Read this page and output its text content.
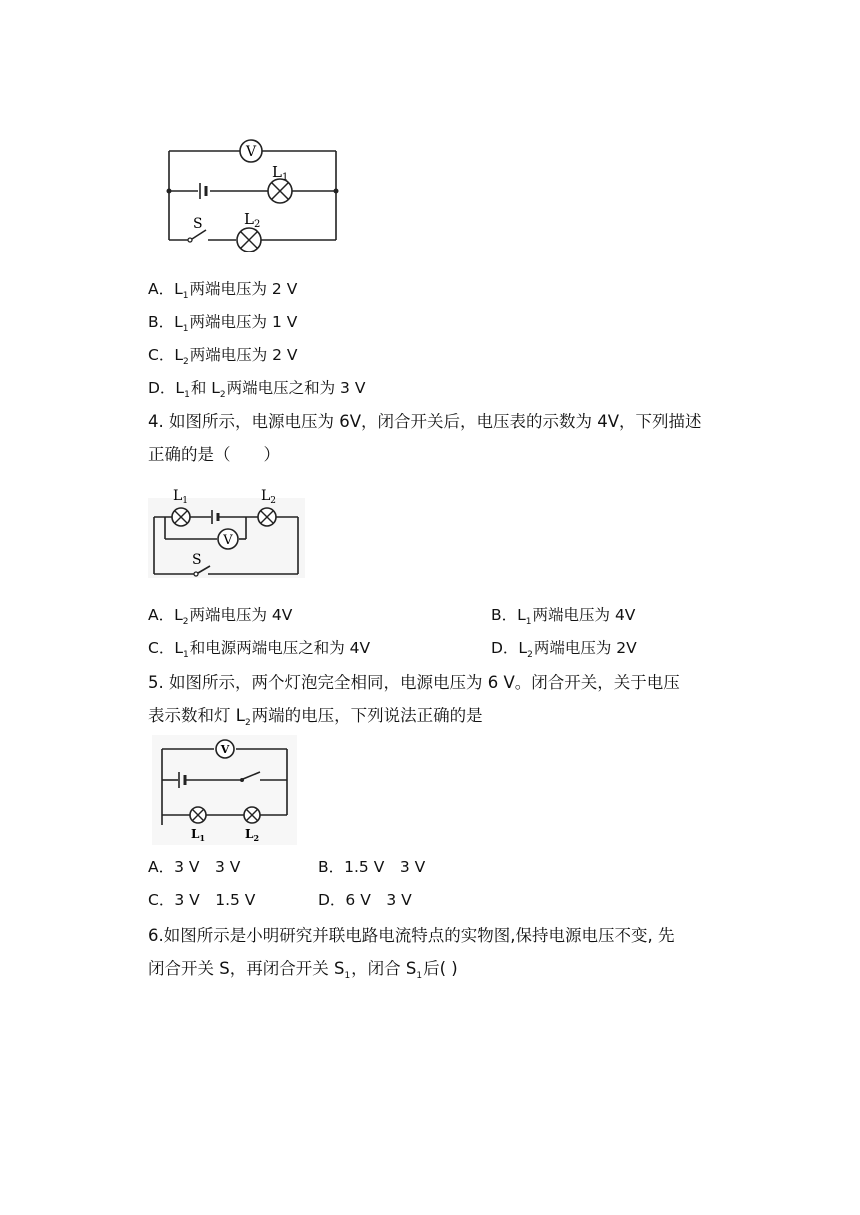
V
$L_1$
S	$L_2$
A．$L_1$两端电压为 2 V
B．$L_1$两端电压为 1 V
C．$L_2$两端电压为 2 V
D．$L_1$和 $L_2$两端电压之和为 3 V
4. 如图所示，电源电压为 6V，闭合开关后，电压表的示数为 4V，下列描述
正确的是（　　）
$L_1$	$L_2$
V
S
A．$L_2$两端电压为 4V	B．$L_1$两端电压为 4V
C．$L_1$和电源两端电压之和为 4V	D．$L_2$两端电压为 2V
5. 如图所示，两个灯泡完全相同，电源电压为 6 V。闭合开关，关于电压
表示数和灯 $L_2$两端的电压，下列说法正确的是
V
$L_1$	$L_2$
A．3 V　3 V	B．1.5 V　3 V
C．3 V　1.5 V	D．6 V　3 V
6.如图所示是小明研究并联电路电流特点的实物图,保持电源电压不变, 先
闭合开关 S，再闭合开关 $S_1$，闭合 $S_1$后( )
